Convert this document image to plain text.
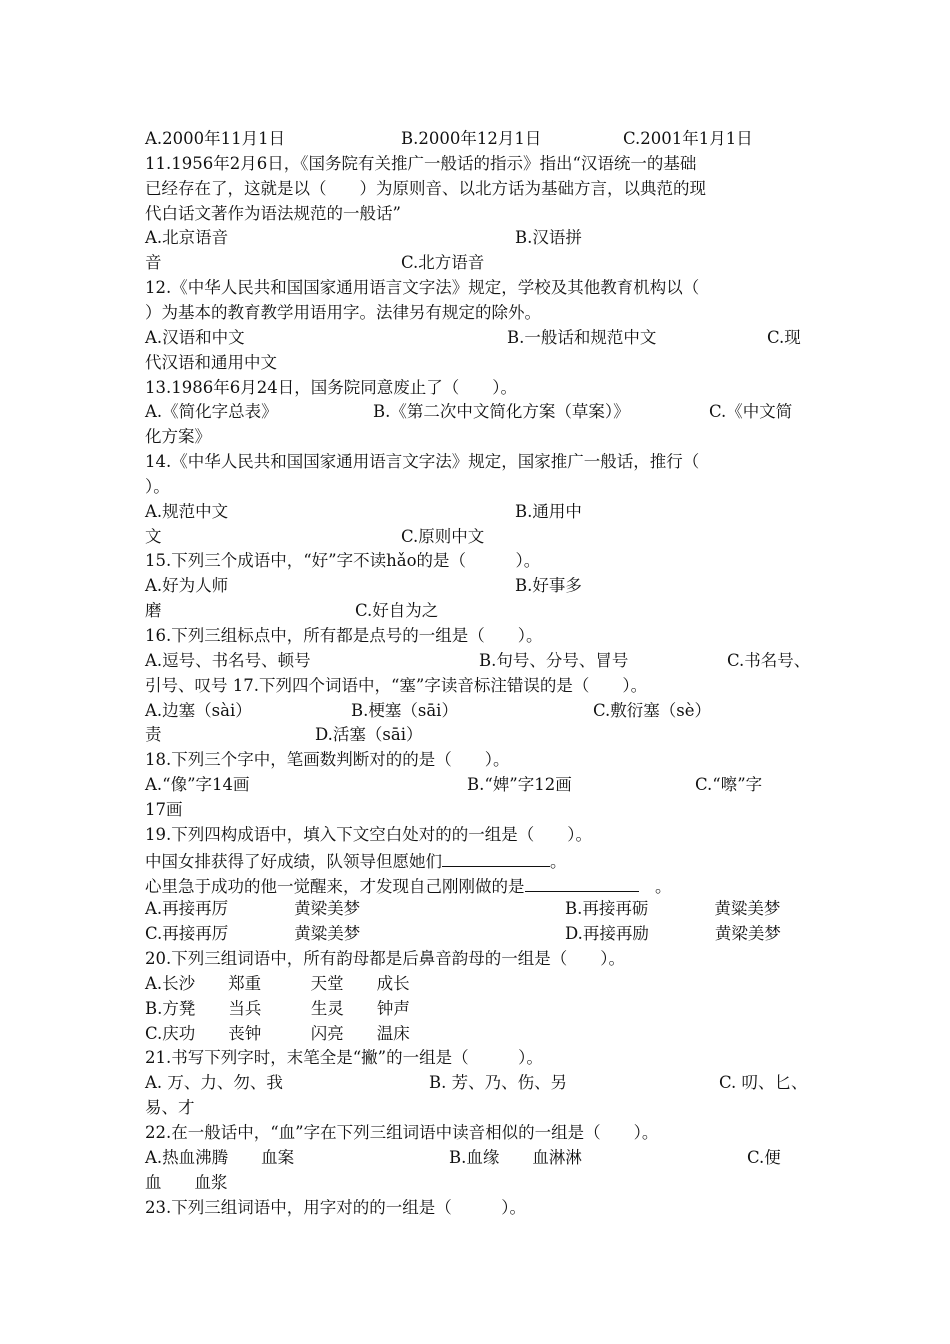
A.2000年11月1日	B.2000年12月1日	C.2001年1月1日
11.1956年2月6日，《国务院有关推广一般话的指示》指出“汉语统一的基础
已经存在了，这就是以（　　）为原则音、以北方话为基础方言，以典范的现
代白话文著作为语法规范的一般话”
A.北京语音	B.汉语拼
音	C.北方语音
12.《中华人民共和国国家通用语言文字法》规定，学校及其他教育机构以（
）为基本的教育教学用语用字。法律另有规定的除外。
A.汉语和中文	B.一般话和规范中文	C.现
代汉语和通用中文
13.1986年6月24日，国务院同意废止了（　　）。
A.《简化字总表》	B.《第二次中文简化方案（草案）》	C.《中文简
化方案》
14.《中华人民共和国国家通用语言文字法》规定，国家推广一般话，推行（
）。
A.规范中文	B.通用中
文	C.原则中文
15.下列三个成语中，“好”字不读hǎo的是（　　　）。
A.好为人师	B.好事多
磨	C.好自为之
16.下列三组标点中，所有都是点号的一组是（　　）。
A.逗号、书名号、顿号	B.句号、分号、冒号	C.书名号、
引号、叹号 17.下列四个词语中，“塞”字读音标注错误的是（　　）。
A.边塞（sài）	B.梗塞（sāi）	C.敷衍塞（sè）
责	D.活塞（sāi）
18.下列三个字中，笔画数判断对的的是（　　）。
A.“像”字14画	B.“婢”字12画	C.“嚓”字
17画
19.下列四构成语中，填入下文空白处对的的一组是（　　）。
中国女排获得了好成绩，队领导但愿她们	。
心里急于成功的他一觉醒来，才发现自己刚刚做的是	　。
A.再接再厉　　　　黄梁美梦	B.再接再砺　　　　黄粱美梦
C.再接再厉　　　　黄粱美梦	D.再接再励　　　　黄梁美梦
20.下列三组词语中，所有韵母都是后鼻音韵母的一组是（　　）。
A.长沙　　郑重　　　天堂　　成长
B.方凳　　当兵　　　生灵　　钟声
C.庆功　　丧钟　　　闪亮　　温床
21.书写下列字时，末笔全是“撇”的一组是（　　　）。
A. 万、力、勿、我	B. 芳、乃、伤、另	C. 叨、匕、
易、才
22.在一般话中，“血”字在下列三组词语中读音相似的一组是（　　）。
A.热血沸腾　　血案	B.血缘　　血淋淋	C.便
血　　血浆
23.下列三组词语中，用字对的的一组是（　　　）。
